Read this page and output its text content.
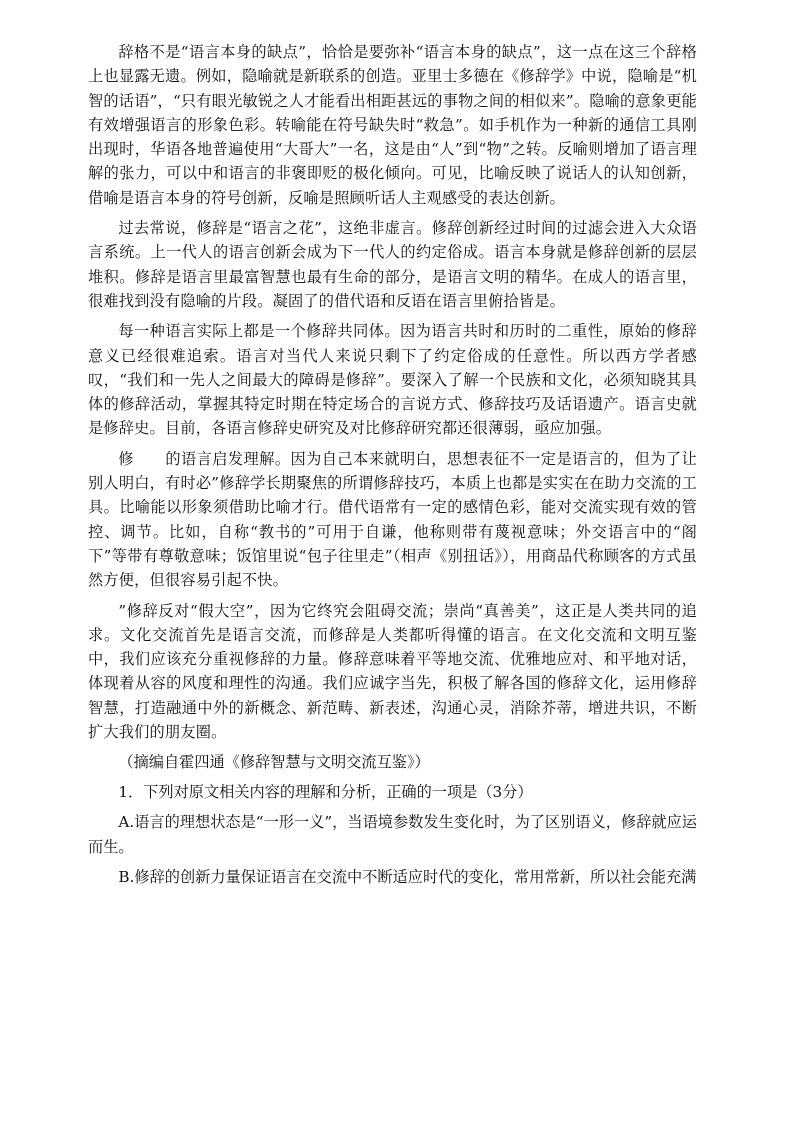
辞格不是“语言本身的缺点”，恰恰是要弥补“语言本身的缺点”，这一点在这三个辞格上也显露无遗。例如，隐喻就是新联系的创造。亚里士多德在《修辞学》中说，隐喻是“机智的话语”，“只有眼光敏锐之人才能看出相距甚远的事物之间的相似来”。隐喻的意象更能有效增强语言的形象色彩。转喻能在符号缺失时“救急”。如手机作为一种新的通信工具刚出现时，华语各地普遍使用“大哥大”一名，这是由“人”到“物”之转。反喻则增加了语言理解的张力，可以中和语言的非褒即贬的极化倾向。可见，比喻反映了说话人的认知创新，借喻是语言本身的符号创新，反喻是照顾听话人主观感受的表达创新。

过去常说，修辞是“语言之花”，这绝非虚言。修辞创新经过时间的过滤会进入大众语言系统。上一代人的语言创新会成为下一代人的约定俗成。语言本身就是修辞创新的层层堆积。修辞是语言里最富智慧也最有生命的部分，是语言文明的精华。在成人的语言里，很难找到没有隐喻的片段。凝固了的借代语和反语在语言里俯拾皆是。

每一种语言实际上都是一个修辞共同体。因为语言共时和历时的二重性，原始的修辞意义已经很难追索。语言对当代人来说只剩下了约定俗成的任意性。所以西方学者感叹，“我们和一先人之间最大的障碍是修辞”。要深入了解一个民族和文化，必须知晓其具体的修辞活动，掌握其特定时期在特定场合的言说方式、修辞技巧及话语遗产。语言史就是修辞史。目前，各语言修辞史研究及对比修辞研究都还很薄弱，亟应加强。

修　　的语言启发理解。因为自己本来就明白，思想表征不一定是语言的，但为了让别人明白，有时必”修辞学长期聚焦的所谓修辞技巧，本质上也都是实实在在助力交流的工具。比喻能以形象须借助比喻才行。借代语常有一定的感情色彩，能对交流实现有效的管控、调节。比如，自称“教书的”可用于自谦，他称则带有蔑视意味；外交语言中的“阁下”等带有尊敬意味；饭馆里说“包子往里走”（相声《别扭话》），用商品代称顾客的方式虽然方便，但很容易引起不快。

”修辞反对“假大空”，因为它终究会阻碍交流；崇尚“真善美”，这正是人类共同的追求。文化交流首先是语言交流，而修辞是人类都听得懂的语言。在文化交流和文明互鉴中，我们应该充分重视修辞的力量。修辞意味着平等地交流、优雅地应对、和平地对话，体现着从容的风度和理性的沟通。我们应诚字当先，积极了解各国的修辞文化，运用修辞智慧，打造融通中外的新概念、新范畴、新表述，沟通心灵，消除芥蒂，增进共识，不断扩大我们的朋友圈。

（摘编自霍四通《修辞智慧与文明交流互鉴》）

1．下列对原文相关内容的理解和分析，正确的一项是（3分）

A.语言的理想状态是“一形一义”，当语境参数发生变化时，为了区别语义，修辞就应运而生。

B.修辞的创新力量保证语言在交流中不断适应时代的变化，常用常新，所以社会能充满
